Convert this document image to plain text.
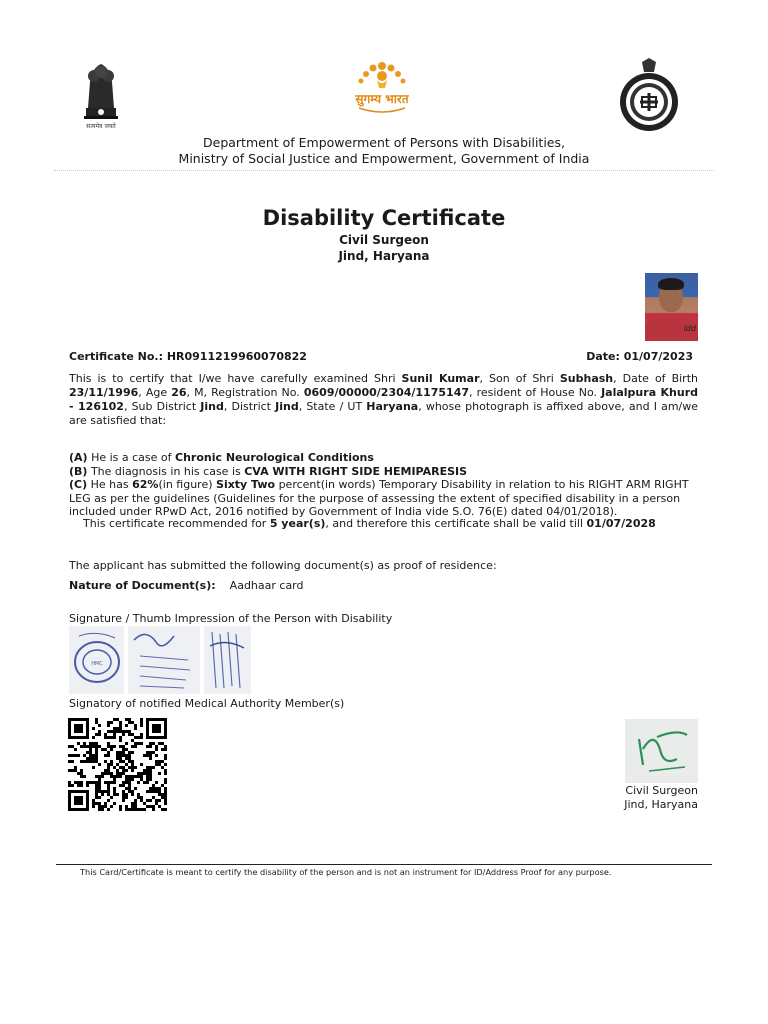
सत्यमेव जयते
सुगम्य भारत
Department of Empowerment of Persons with Disabilities,
Ministry of Social Justice and Empowerment, Government of India
Disability Certificate
Civil Surgeon
Jind, Haryana
ldd
Certificate No.: HR0911219960070822	Date: 01/07/2023
This is to certify that I/we have carefully examined Shri Sunil Kumar, Son of Shri Subhash, Date of Birth 23/11/1996, Age 26, M, Registration No. 0609/00000/2304/1175147, resident of House No. Jalalpura Khurd - 126102, Sub District Jind, District Jind, State / UT Haryana, whose photograph is affixed above, and I am/we are satisfied that:
(A) He is a case of Chronic Neurological Conditions
(B) The diagnosis in his case is CVA WITH RIGHT SIDE HEMIPARESIS
(C) He has 62%(in figure) Sixty Two percent(in words) Temporary Disability in relation to his RIGHT ARM RIGHT LEG as per the guidelines (Guidelines for the purpose of assessing the extent of specified disability in a person included under RPwD Act, 2016 notified by Government of India vide S.O. 76(E) dated 04/01/2018).
This certificate recommended for 5 year(s), and therefore this certificate shall be valid till 01/07/2028
The applicant has submitted the following document(s) as proof of residence:
Nature of Document(s): Aadhaar card
Signature / Thumb Impression of the Person with Disability
HMC
Signatory of notified Medical Authority Member(s)
Civil Surgeon
Jind, Haryana
This Card/Certificate is meant to certify the disability of the person and is not an instrument for ID/Address Proof for any purpose.
